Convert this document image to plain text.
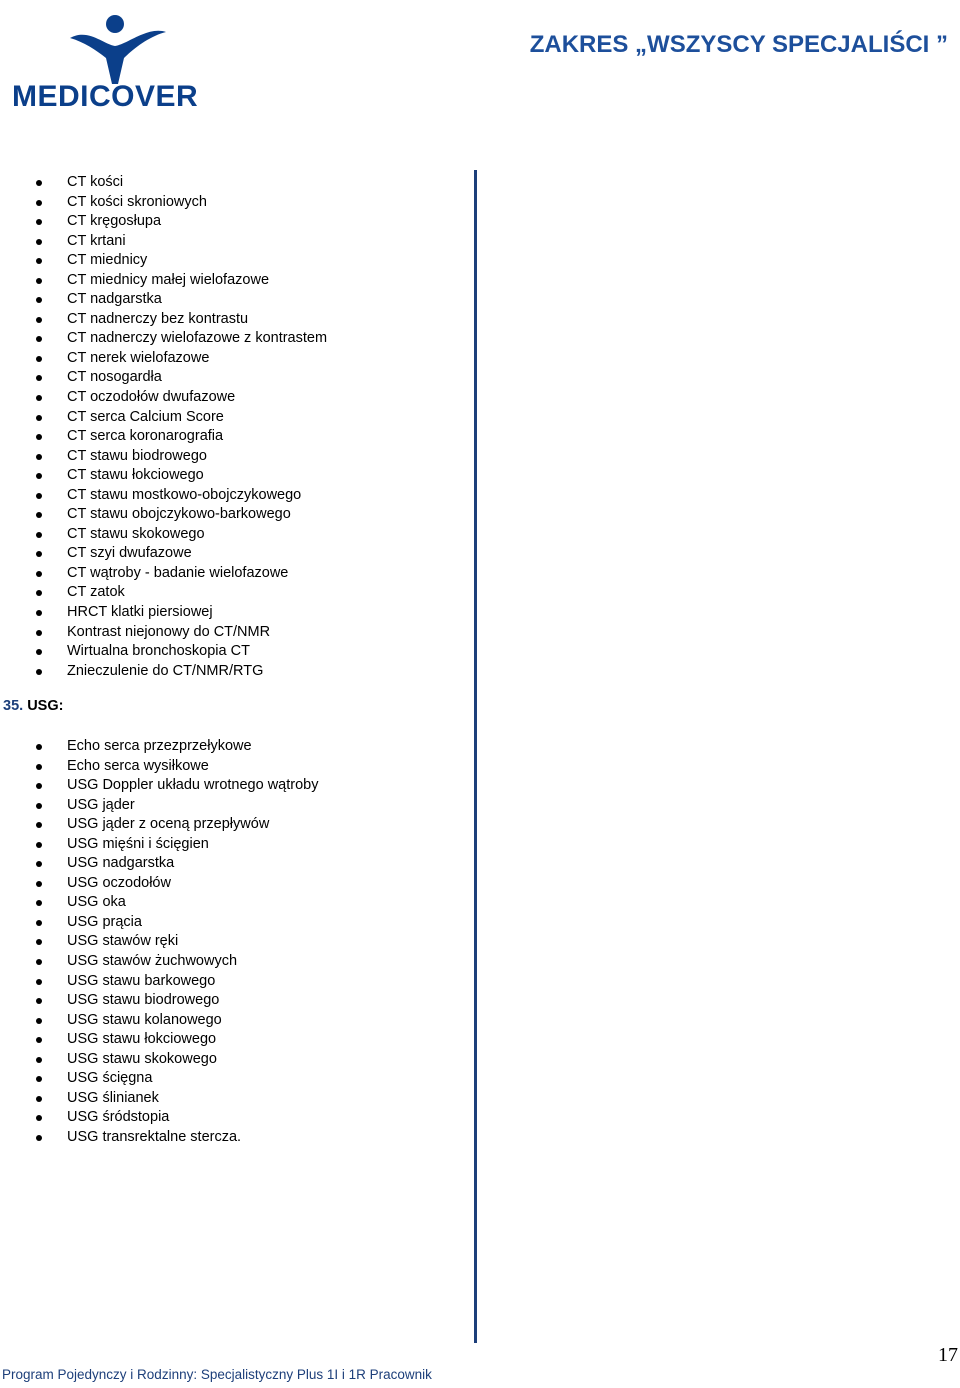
MEDICOVER
ZAKRES „WSZYSCY SPECJALIŚCI ”
CT kości
CT kości skroniowych
CT kręgosłupa
CT krtani
CT miednicy
CT miednicy małej wielofazowe
CT nadgarstka
CT nadnerczy bez kontrastu
CT nadnerczy wielofazowe z kontrastem
CT nerek wielofazowe
CT nosogardła
CT oczodołów dwufazowe
CT serca Calcium Score
CT serca koronarografia
CT stawu biodrowego
CT stawu łokciowego
CT stawu mostkowo-obojczykowego
CT stawu obojczykowo-barkowego
CT stawu skokowego
CT szyi dwufazowe
CT wątroby - badanie wielofazowe
CT zatok
HRCT klatki piersiowej
Kontrast niejonowy do CT/NMR
Wirtualna bronchoskopia CT
Znieczulenie do CT/NMR/RTG
35. USG:
Echo serca przezprzełykowe
Echo serca wysiłkowe
USG Doppler układu wrotnego wątroby
USG jąder
USG jąder z oceną przepływów
USG mięśni i ścięgien
USG nadgarstka
USG oczodołów
USG oka
USG prącia
USG stawów ręki
USG stawów żuchwowych
USG stawu barkowego
USG stawu biodrowego
USG stawu kolanowego
USG stawu łokciowego
USG stawu skokowego
USG ścięgna
USG ślinianek
USG śródstopia
USG transrektalne stercza.
Program Pojedynczy i Rodzinny: Specjalistyczny Plus 1I i 1R Pracownik
17
